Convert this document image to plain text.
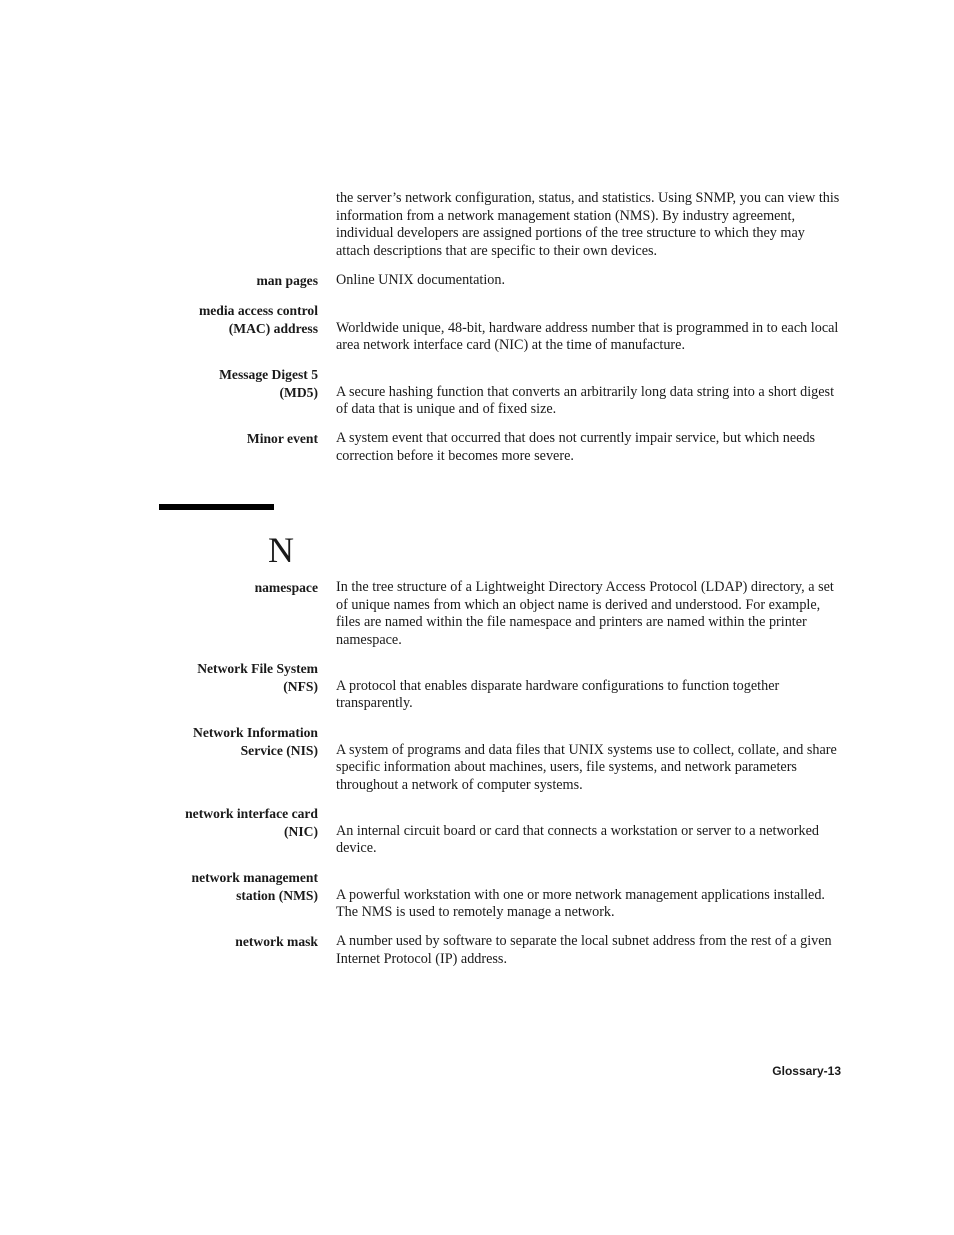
the server’s network configuration, status, and statistics. Using SNMP, you can view this information from a network management station (NMS). By industry agreement, individual developers are assigned portions of the tree structure to which they may attach descriptions that are specific to their own devices.
man pages Online UNIX documentation.
media access control
(MAC) address Worldwide unique, 48-bit, hardware address number that is programmed in to each local area network interface card (NIC) at the time of manufacture.
Message Digest 5
(MD5) A secure hashing function that converts an arbitrarily long data string into a short digest of data that is unique and of fixed size.
Minor event A system event that occurred that does not currently impair service, but which needs correction before it becomes more severe.
N
namespace In the tree structure of a Lightweight Directory Access Protocol (LDAP) directory, a set of unique names from which an object name is derived and understood. For example, files are named within the file namespace and printers are named within the printer namespace.
Network File System
(NFS) A protocol that enables disparate hardware configurations to function together transparently.
Network Information
Service (NIS) A system of programs and data files that UNIX systems use to collect, collate, and share specific information about machines, users, file systems, and network parameters throughout a network of computer systems.
network interface card
(NIC) An internal circuit board or card that connects a workstation or server to a networked device.
network management
station (NMS) A powerful workstation with one or more network management applications installed. The NMS is used to remotely manage a network.
network mask A number used by software to separate the local subnet address from the rest of a given Internet Protocol (IP) address.
Glossary-13
